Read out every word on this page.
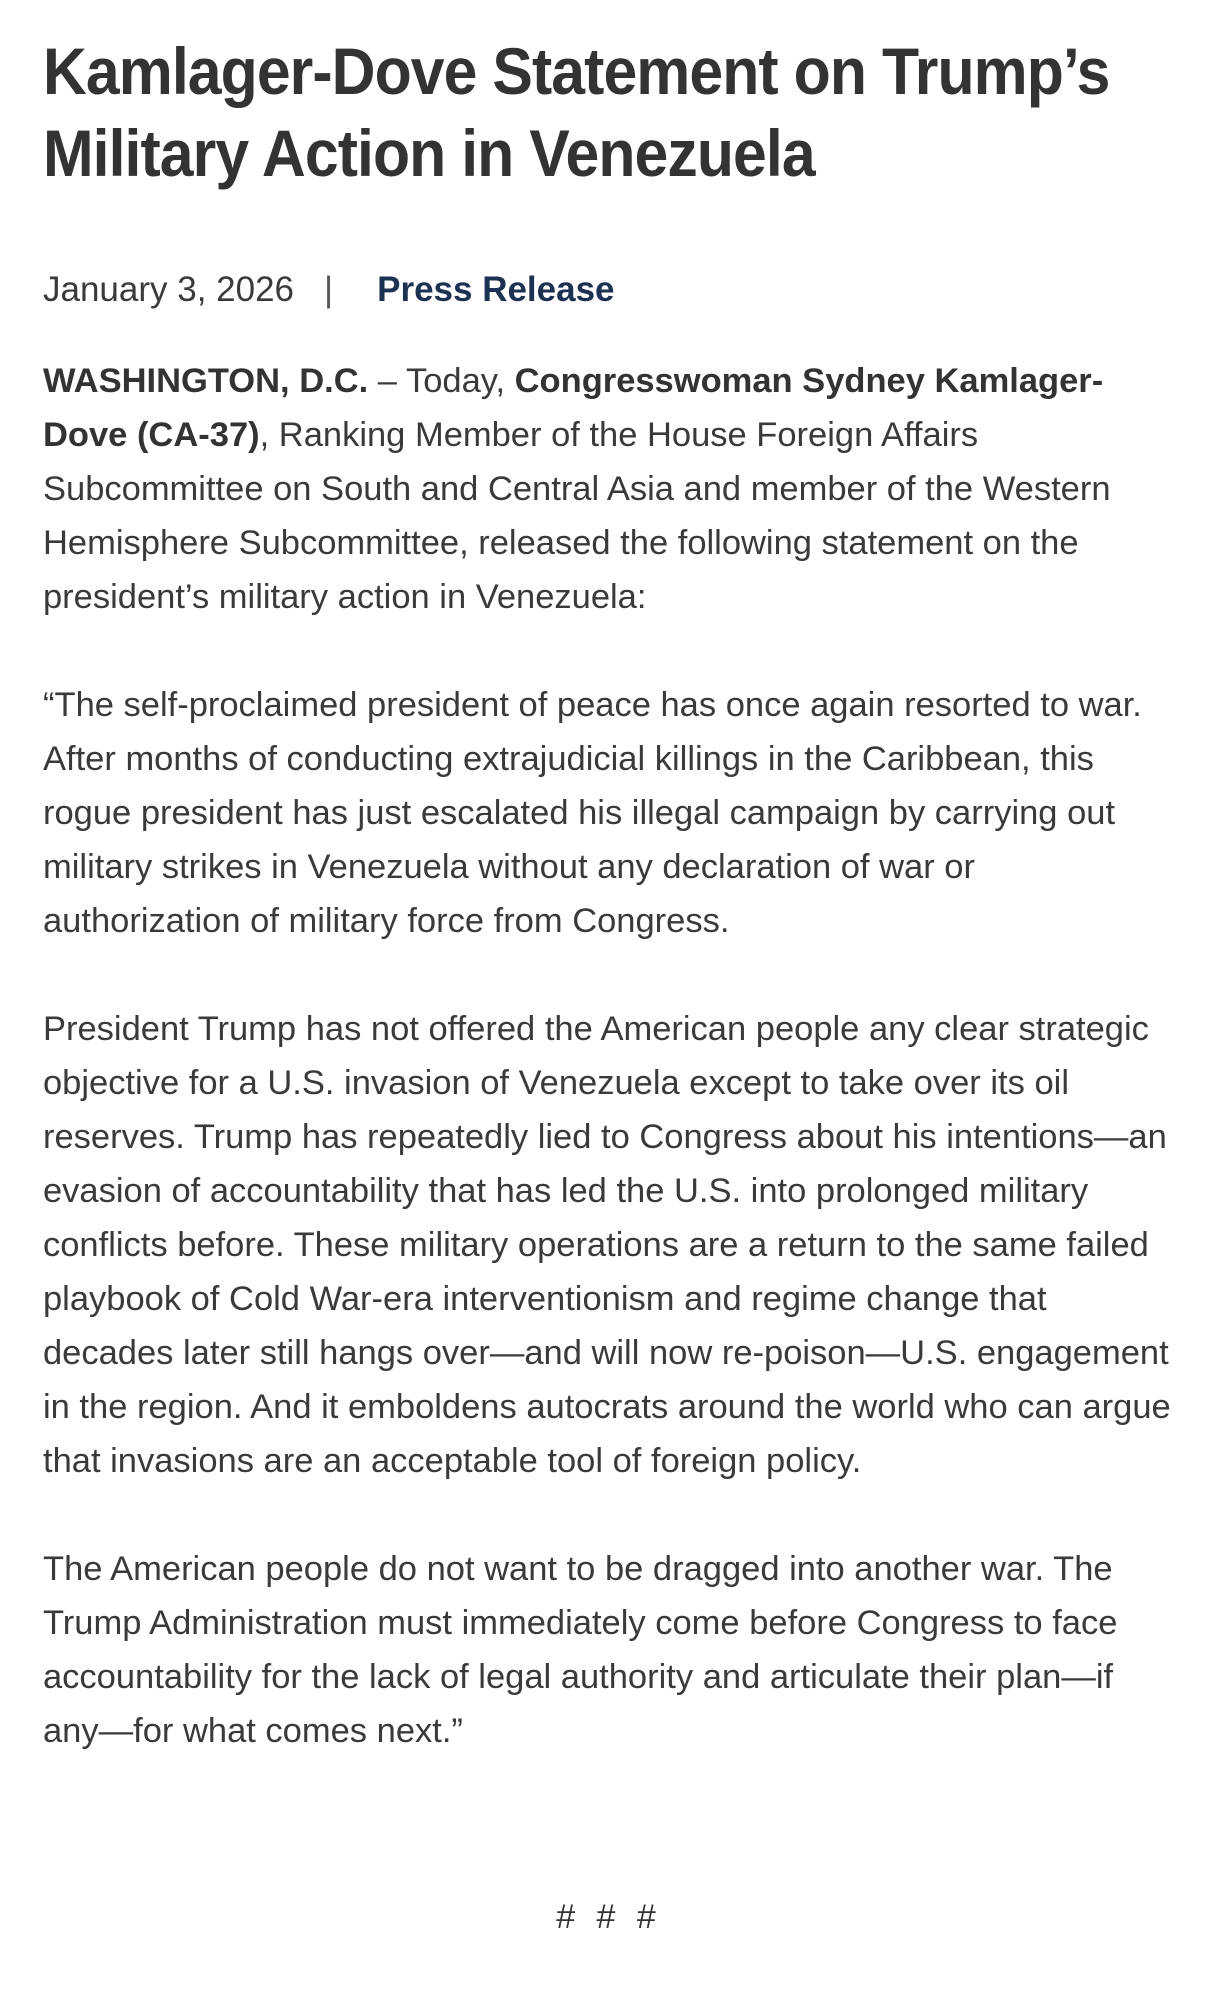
Kamlager-Dove Statement on Trump’s Military Action in Venezuela
January 3, 2026 | Press Release

WASHINGTON, D.C. – Today, Congresswoman Sydney Kamlager-Dove (CA-37), Ranking Member of the House Foreign Affairs Subcommittee on South and Central Asia and member of the Western Hemisphere Subcommittee, released the following statement on the president’s military action in Venezuela:

“The self-proclaimed president of peace has once again resorted to war. After months of conducting extrajudicial killings in the Caribbean, this rogue president has just escalated his illegal campaign by carrying out military strikes in Venezuela without any declaration of war or authorization of military force from Congress.

President Trump has not offered the American people any clear strategic objective for a U.S. invasion of Venezuela except to take over its oil reserves. Trump has repeatedly lied to Congress about his intentions—an evasion of accountability that has led the U.S. into prolonged military conflicts before. These military operations are a return to the same failed playbook of Cold War-era interventionism and regime change that decades later still hangs over—and will now re-poison—U.S. engagement in the region. And it emboldens autocrats around the world who can argue that invasions are an acceptable tool of foreign policy.

The American people do not want to be dragged into another war. The Trump Administration must immediately come before Congress to face accountability for the lack of legal authority and articulate their plan—if any—for what comes next.”

# # #
